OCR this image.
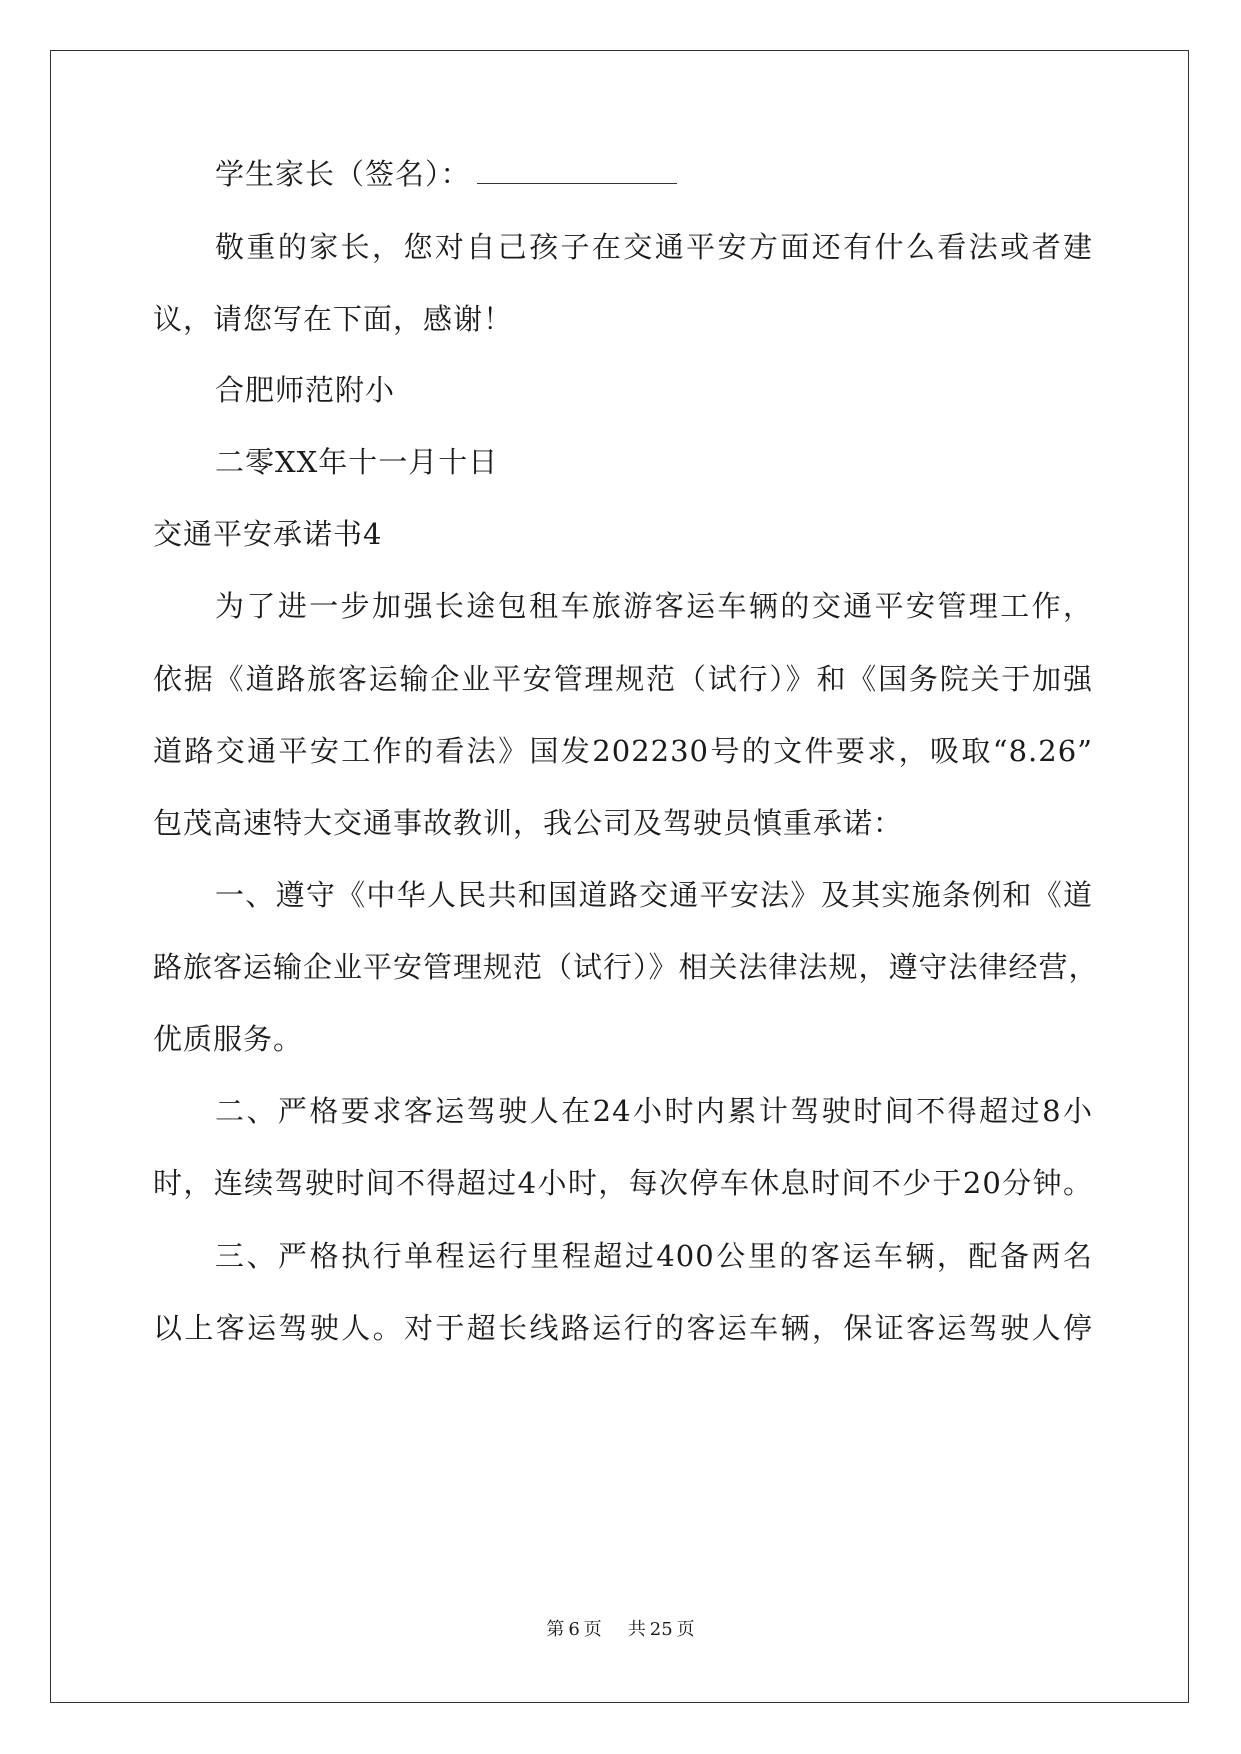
学生家长（签名）：
敬重的家长，您对自己孩子在交通平安方面还有什么看法或者建
议，请您写在下面，感谢！
合肥师范附小
二零XX年十一月十日
交通平安承诺书4
为了进一步加强长途包租车旅游客运车辆的交通平安管理工作，
依据《道路旅客运输企业平安管理规范（试行）》和《国务院关于加强
道路交通平安工作的看法》国发202230号的文件要求，吸取“8.26”
包茂高速特大交通事故教训，我公司及驾驶员慎重承诺：
一、遵守《中华人民共和国道路交通平安法》及其实施条例和《道
路旅客运输企业平安管理规范（试行）》相关法律法规，遵守法律经营，
优质服务。
二、严格要求客运驾驶人在24小时内累计驾驶时间不得超过8小
时，连续驾驶时间不得超过4小时，每次停车休息时间不少于20分钟。
三、严格执行单程运行里程超过400公里的客运车辆，配备两名
以上客运驾驶人。对于超长线路运行的客运车辆，保证客运驾驶人停
第 6 页 共 25 页
